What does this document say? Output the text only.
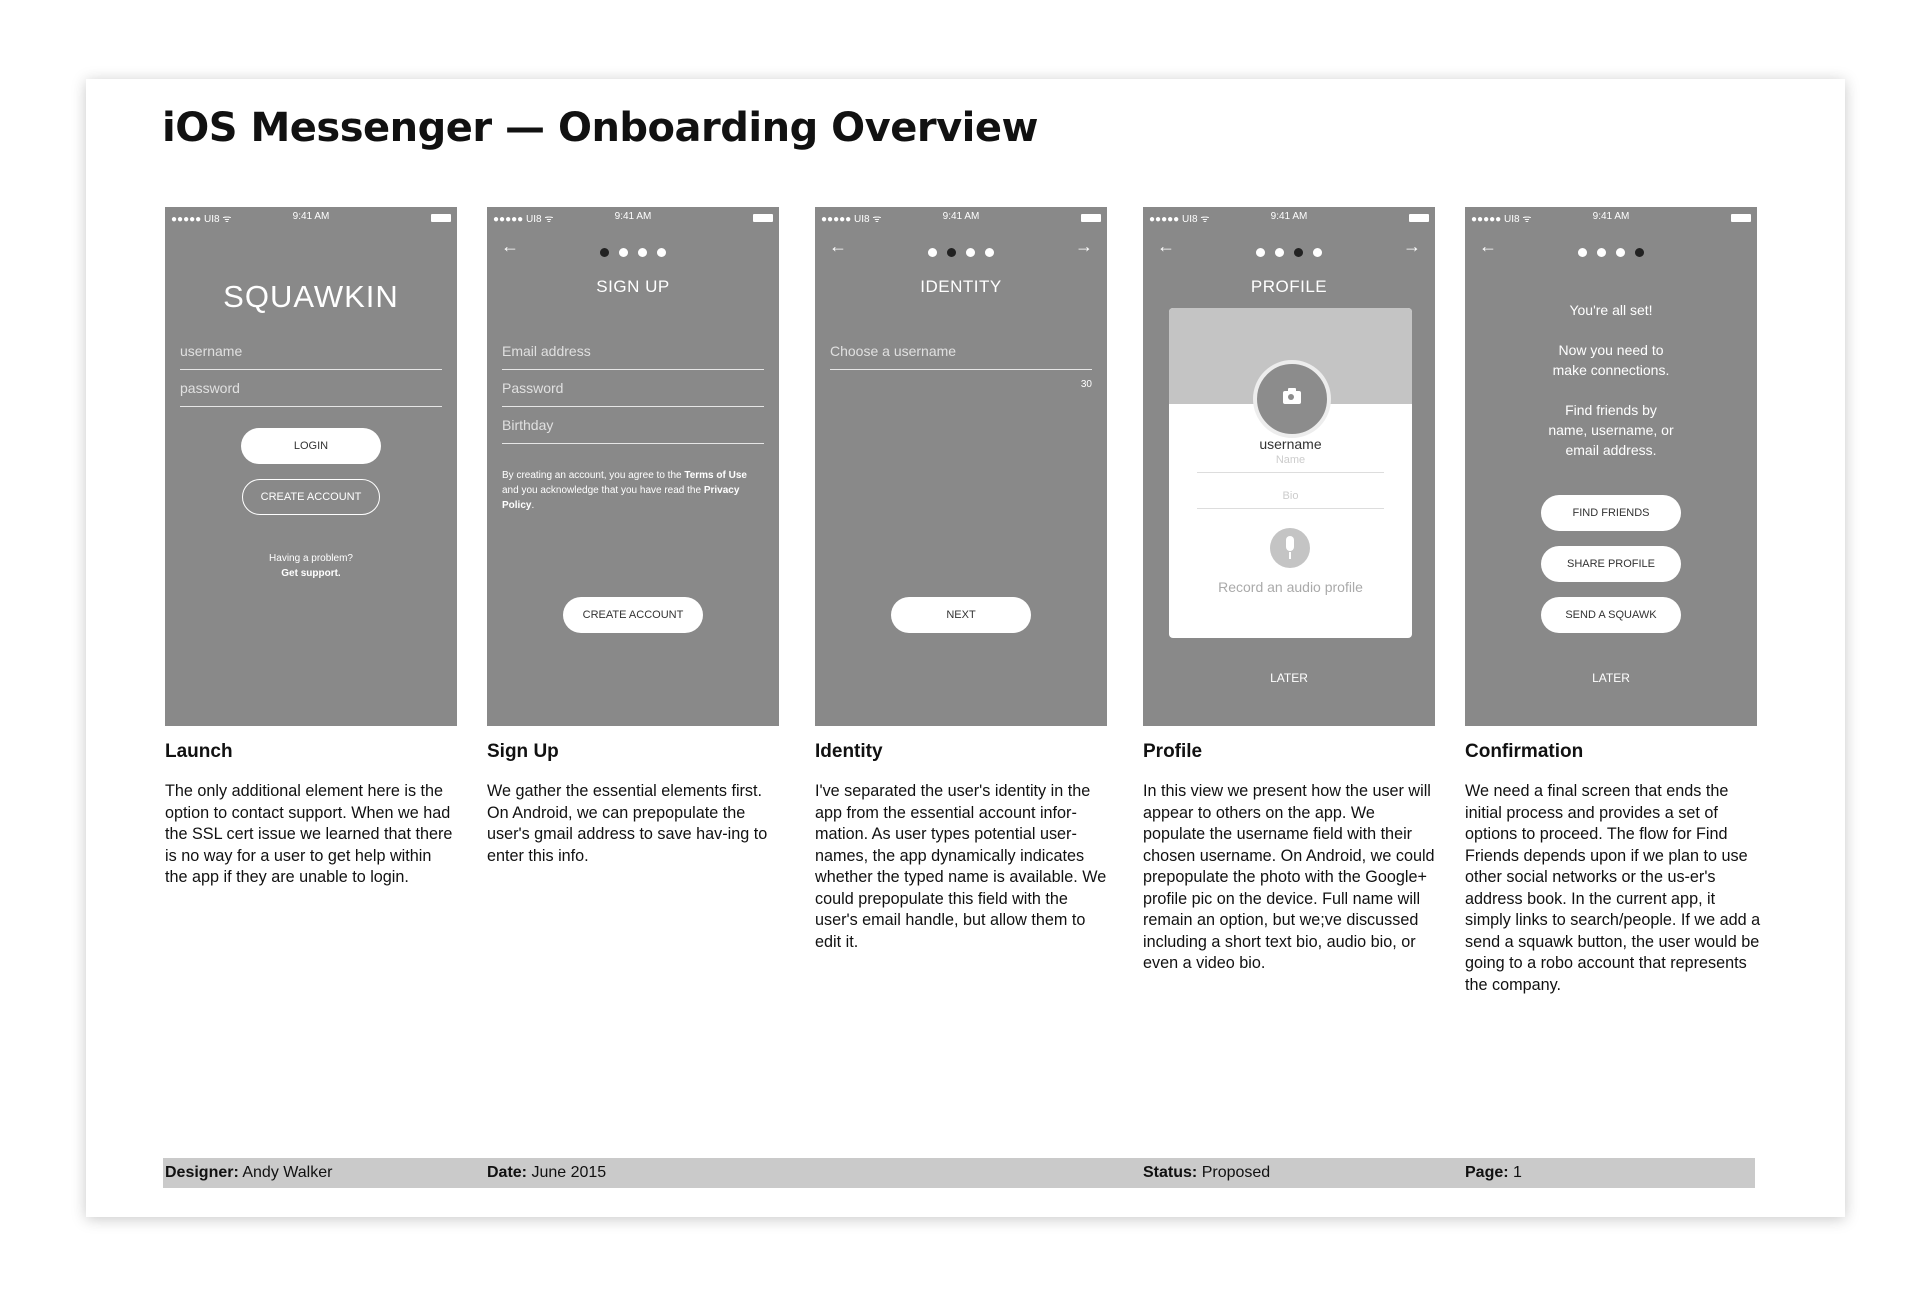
iOS Messenger — Onboarding Overview
●●●●● UI8 ᯤ	9:41 AM
SQUAWKIN
username
password
LOGIN
CREATE ACCOUNT
Having a problem?
Get support.
●●●●● UI8 ᯤ	9:41 AM
←
SIGN UP
Email address
Password
Birthday
By creating an account, you agree to the Terms of Use and you acknowledge that you have read the Privacy Policy.
CREATE ACCOUNT
●●●●● UI8 ᯤ	9:41 AM
←	→
IDENTITY
Choose a username
30
NEXT
●●●●● UI8 ᯤ	9:41 AM
←	→
PROFILE
username
Name
Bio
Record an audio profile
LATER
●●●●● UI8 ᯤ	9:41 AM
←
You're all set!
Now you need to
make connections.
Find friends by
name, username, or
email address.
FIND FRIENDS
SHARE PROFILE
SEND A SQUAWK
LATER
Launch
The only additional element here is the option to contact support. When we had the SSL cert issue we learned that there is no way for a user to get help within the app if they are unable to login.
Sign Up
We gather the essential elements first. On Android, we can prepopulate the user's gmail address to save hav-ing to enter this info.
Identity
I've separated the user's identity in the app from the essential account infor-mation. As user types potential user-names, the app dynamically indicates whether the typed name is available. We could prepopulate this field with the user's email handle, but allow them to edit it.
Profile
In this view we present how the user will appear to others on the app. We populate the username field with their chosen username. On Android, we could prepopulate the photo with the Google+ profile pic on the device. Full name will remain an option, but we;ve discussed including a short text bio, audio bio, or even a video bio.
Confirmation
We need a final screen that ends the initial process and provides a set of options to proceed. The flow for Find Friends depends upon if we plan to use other social networks or the us-er's address book. In the current app, it simply links to search/people. If we add a send a squawk button, the user would be going to a robo account that represents the company.
Designer: Andy Walker	Date: June 2015	Status: Proposed	Page: 1
